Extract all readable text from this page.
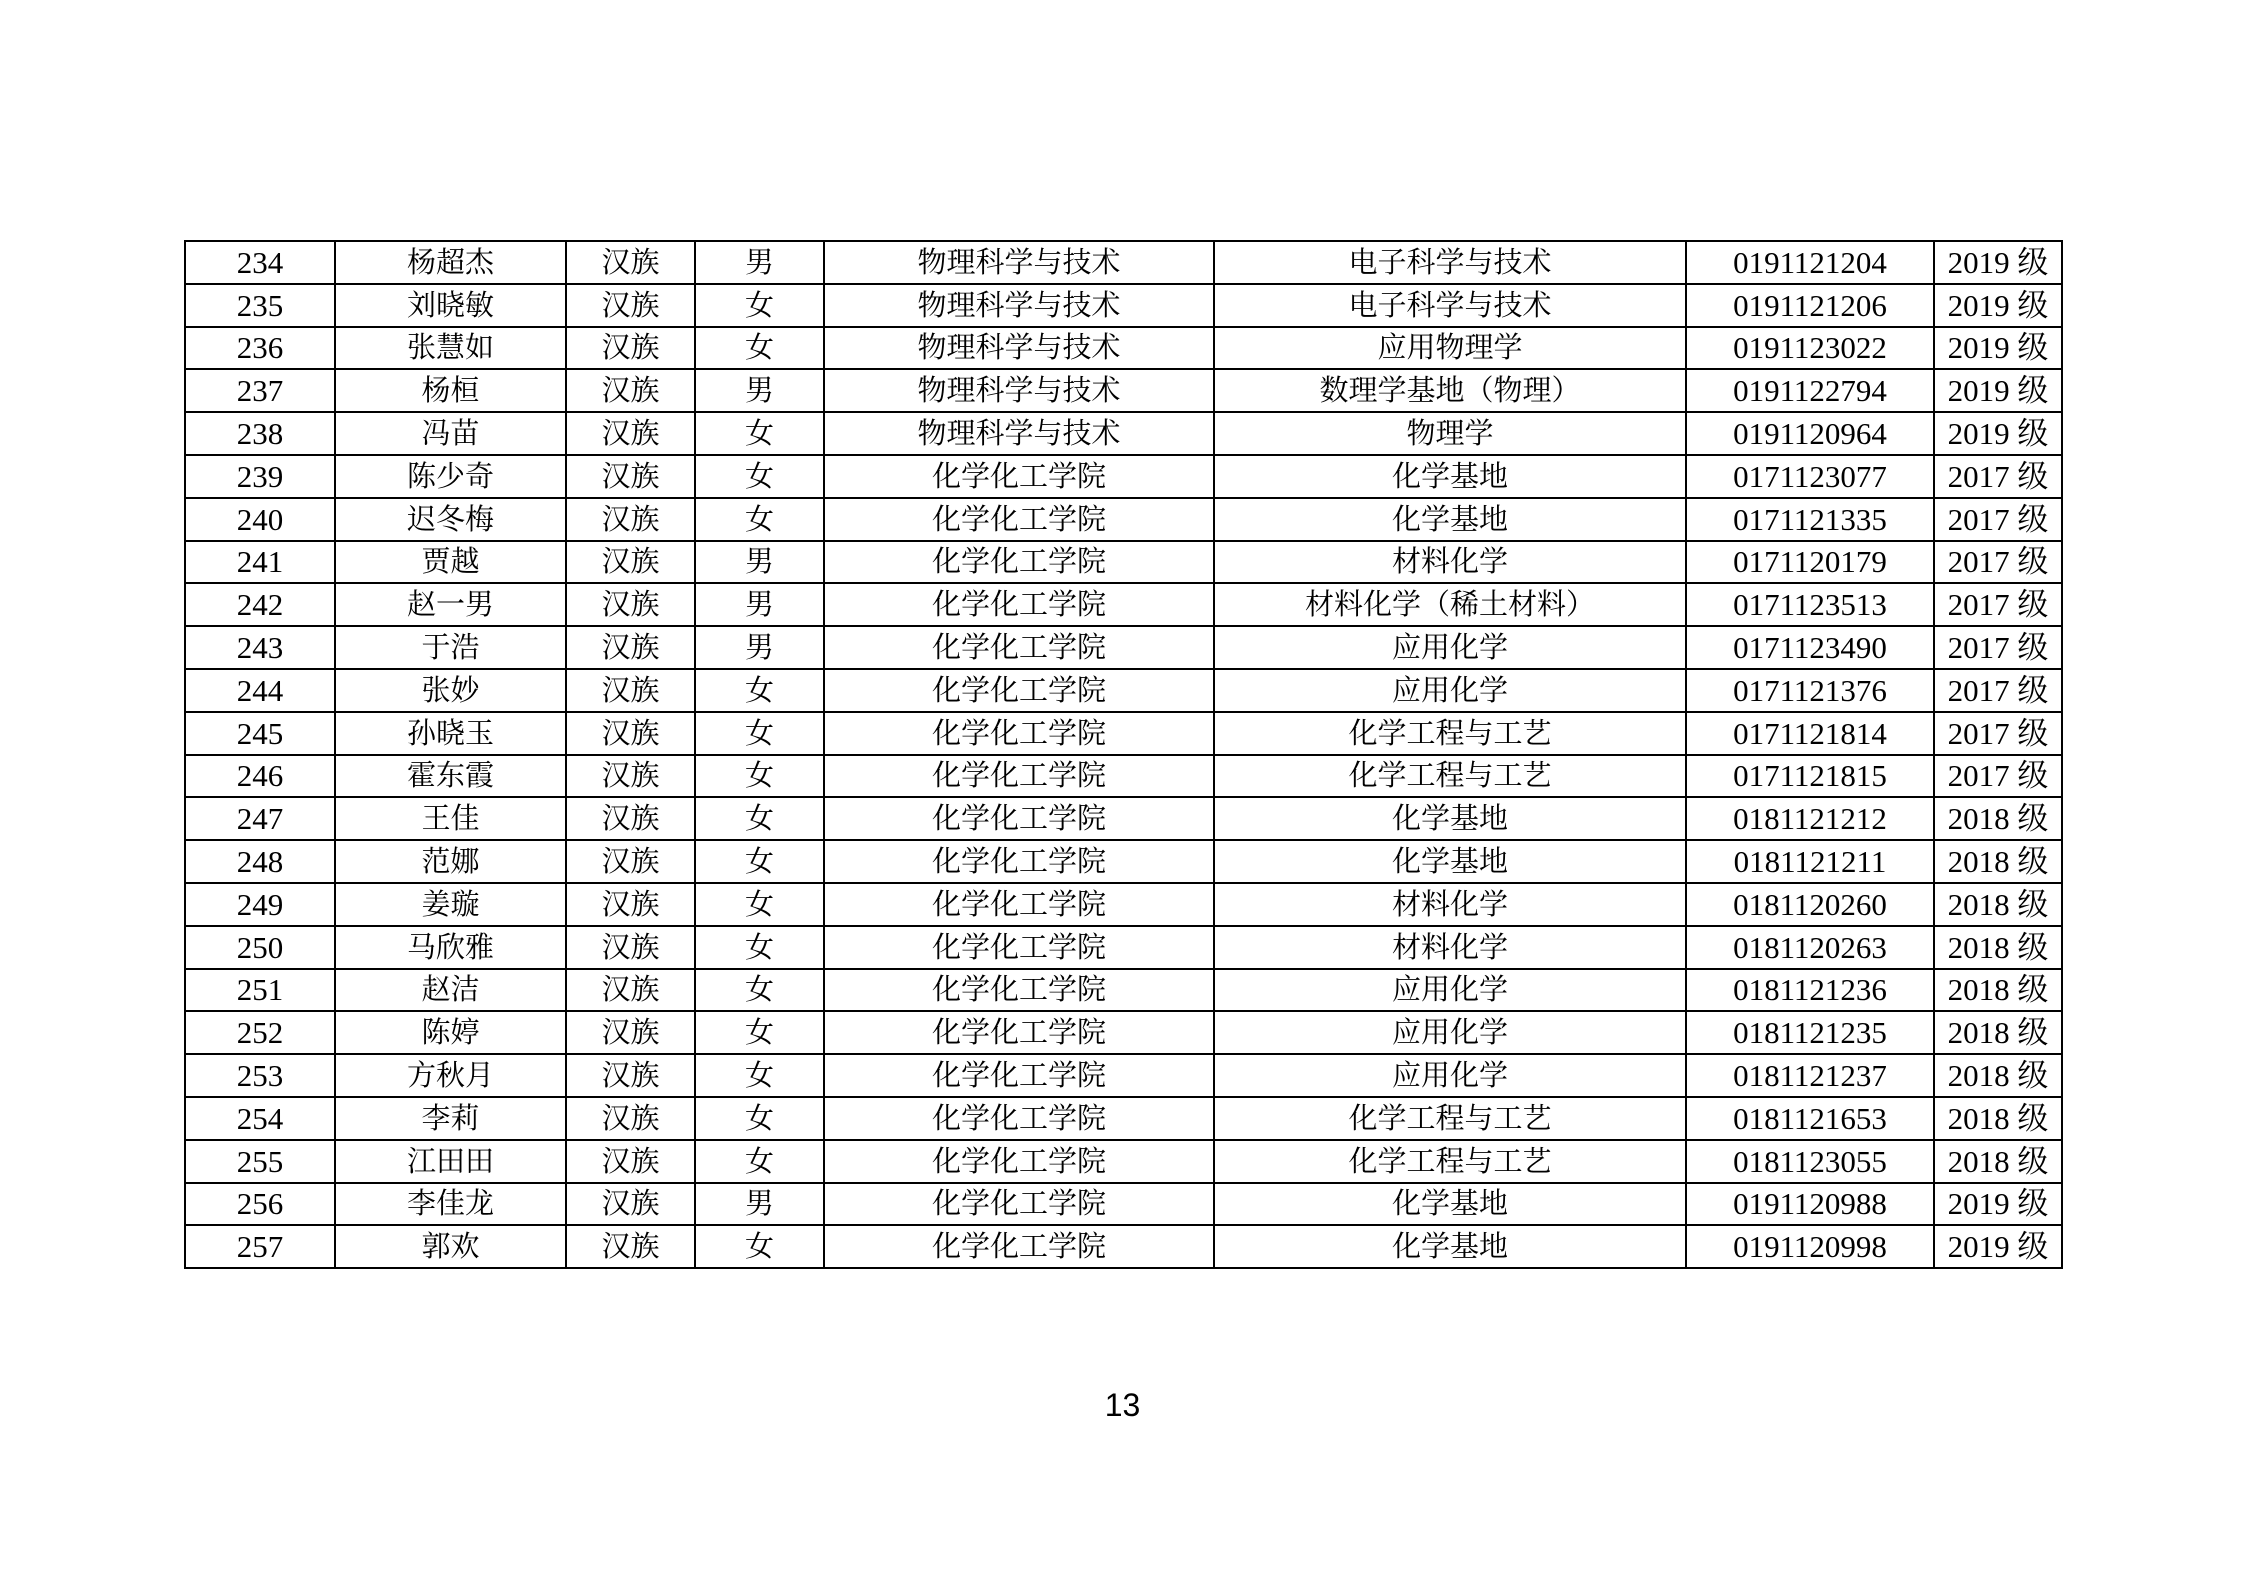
234	杨超杰	汉族	男	物理科学与技术	电子科学与技术	0191121204	2019 级
235	刘晓敏	汉族	女	物理科学与技术	电子科学与技术	0191121206	2019 级
236	张慧如	汉族	女	物理科学与技术	应用物理学	0191123022	2019 级
237	杨桓	汉族	男	物理科学与技术	数理学基地（物理）	0191122794	2019 级
238	冯苗	汉族	女	物理科学与技术	物理学	0191120964	2019 级
239	陈少奇	汉族	女	化学化工学院	化学基地	0171123077	2017 级
240	迟冬梅	汉族	女	化学化工学院	化学基地	0171121335	2017 级
241	贾越	汉族	男	化学化工学院	材料化学	0171120179	2017 级
242	赵一男	汉族	男	化学化工学院	材料化学（稀土材料）	0171123513	2017 级
243	于浩	汉族	男	化学化工学院	应用化学	0171123490	2017 级
244	张妙	汉族	女	化学化工学院	应用化学	0171121376	2017 级
245	孙晓玉	汉族	女	化学化工学院	化学工程与工艺	0171121814	2017 级
246	霍东霞	汉族	女	化学化工学院	化学工程与工艺	0171121815	2017 级
247	王佳	汉族	女	化学化工学院	化学基地	0181121212	2018 级
248	范娜	汉族	女	化学化工学院	化学基地	0181121211	2018 级
249	姜璇	汉族	女	化学化工学院	材料化学	0181120260	2018 级
250	马欣雅	汉族	女	化学化工学院	材料化学	0181120263	2018 级
251	赵洁	汉族	女	化学化工学院	应用化学	0181121236	2018 级
252	陈婷	汉族	女	化学化工学院	应用化学	0181121235	2018 级
253	方秋月	汉族	女	化学化工学院	应用化学	0181121237	2018 级
254	李莉	汉族	女	化学化工学院	化学工程与工艺	0181121653	2018 级
255	江田田	汉族	女	化学化工学院	化学工程与工艺	0181123055	2018 级
256	李佳龙	汉族	男	化学化工学院	化学基地	0191120988	2019 级
257	郭欢	汉族	女	化学化工学院	化学基地	0191120998	2019 级
13
